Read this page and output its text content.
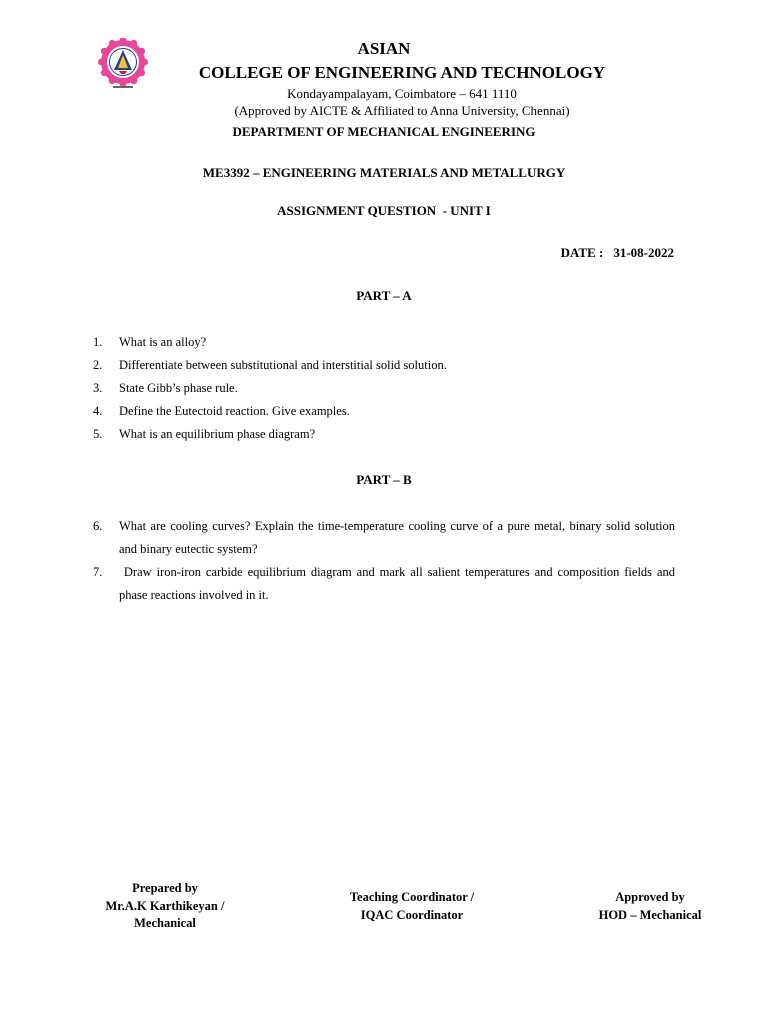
ASIAN
COLLEGE OF ENGINEERING AND TECHNOLOGY
Kondayampalayam, Coimbatore – 641 1110
(Approved by AICTE & Affiliated to Anna University, Chennai)
DEPARTMENT OF MECHANICAL ENGINEERING
ME3392 – ENGINEERING MATERIALS AND METALLURGY
ASSIGNMENT QUESTION  - UNIT I
DATE : 31-08-2022
PART – A
1.	What is an alloy?
2.	Differentiate between substitutional and interstitial solid solution.
3.	State Gibb’s phase rule.
4.	Define the Eutectoid reaction. Give examples.
5.	What is an equilibrium phase diagram?
PART – B
6.	What are cooling curves? Explain the time-temperature cooling curve of a pure metal, binary solid solution and binary eutectic system?
7.	Draw iron-iron carbide equilibrium diagram and mark all salient temperatures and composition fields and phase reactions involved in it.
Prepared by
Mr.A.K Karthikeyan /
Mechanical
Teaching Coordinator /
IQAC Coordinator
Approved by
HOD – Mechanical
